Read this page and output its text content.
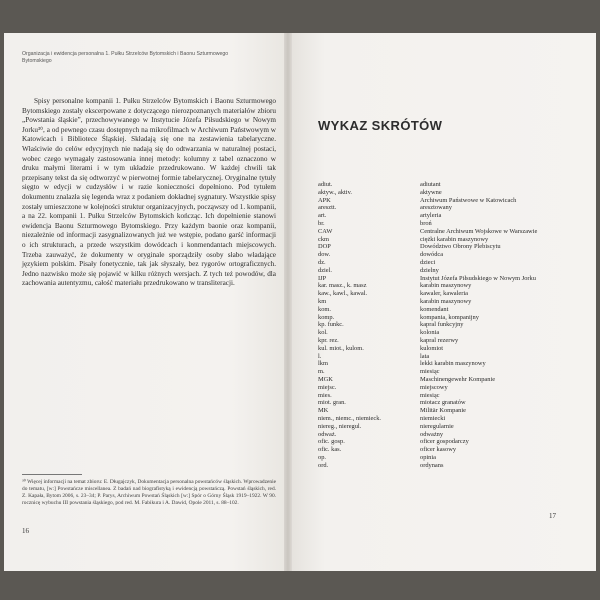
Organizacja i ewidencja personalna 1. Pułku Strzelców Bytomskich i Baonu Szturmowego Bytomskiego

Spisy personalne kompanii 1. Pułku Strzelców Bytomskich i Baonu Szturmowego Bytomskiego zostały ekscerpowane z dotyczącego nierozpoznanych materiałów zbioru „Powstania śląskie”, przechowywanego w Instytucie Józefa Piłsudskiego w Nowym Jorku³⁰, a od pewnego czasu dostępnych na mikrofilmach w Archiwum Państwowym w Katowicach i Bibliotece Śląskiej. Składają się one na zestawienia tabelaryczne. Właściwie do celów edycyjnych nie nadają się do odtwarzania w naturalnej postaci, wobec czego wymagały zastosowania innej metody: kolumny z tabel oznaczono w druku małymi literami i w tym układzie przedrukowano. W każdej chwili tak przepisany tekst da się odtworzyć w pierwotnej formie tabelarycznej. Oryginalne tytuły sięgto w edycji w cudzysłów i w razie konieczności dopełniono. Pod tytułem dokumentu znalazła się legenda wraz z podaniem dokładnej sygnatury. Wszystkie spisy zostały umieszczone w kolejności struktur organizacyjnych, począwszy od 1. kompanii, a na 22. kompanii 1. Pułku Strzelców Bytomskich kończąc. Ich dopełnienie stanowi ewidencja Baonu Szturmowego Bytomskiego. Przy każdym baonie oraz kompanii, niezależnie od informacji zasygnalizowanych już we wstępie, podano garść informacji o ich strukturach, a przede wszystkim dowódcach i konmendantach miejscowych. Trzeba zauważyć, że dokumenty w oryginale sporządziły osoby słabo władające językiem polskim. Pisały fonetycznie, tak jak słyszały, bez rygorów ortograficznych. Jedno nazwisko może się pojawić w kilku różnych wersjach. Z tych też powodów, dla zachowania autentyzmu, całość materiału przedrukowano w transliteracji.

³⁰ Więcej informacji na temat zbioru: E. Długajczyk, Dokumentacja personalna powstańców śląskich. Wprowadzenie do tematu, [w:] Powstańcze miscellanea. Z badań nad biografistyką i ewidencją powstańczą. Powstań śląskich, red. Z. Kapała, Bytom 2006, s. 23–34; P. Parys, Archiwum Powstań Śląskich [w:] Spór o Górny Śląsk 1919–1922. W 90. rocznicę wybuchu III powstania śląskiego, pod red. M. Fabikura i A. Dawid, Opole 2011, s. 88–102.
16
WYKAZ SKRÓTÓW
adiut.	adiutant
aktyw., aktiv.	aktywne
APK	Archiwum Państwowe w Katowicach
aresztt.	aresztowany
art.	artyleria
br.	broń
CAW	Centralne Archiwum Wojskowe w Warszawie
ckm	ciężki karabin maszynowy
DOP	Dowództwo Obrony Plebiscytu
dow.	dowódca
dz.	dzieci
dziel.	dzielny
IJP	Instytut Józefa Piłsudskiego w Nowym Jorku
kar. masz., k. masz	karabin maszynowy
kaw., kawl., kawal.	kawaler, kawaleria
km	karabin maszynowy
kom.	komendant
komp.	kompania, kompanijny
kp. funkc.	kapral funkcyjny
kol.	kolonia
kpr. rez.	kapral rezerwy
kul. miot., kulom.	kulomiot
l.	lata
lkm	lekki karabin maszynowy
m.	miesiąc
MGK	Maschinengewehr Kompanie
miejsc.	miejscowy
mies.	miesiąc
miot. gran.	miotacz granatów
MK	Militär Kompanie
niem., niemc., niemieck.	niemiecki
niereg., nieregul.	nieregularnie
odważ.	odważny
ofic. gosp.	oficer gospodarczy
ofic. kas.	oficer kasowy
op.	opinia
ord.	ordynans
17
